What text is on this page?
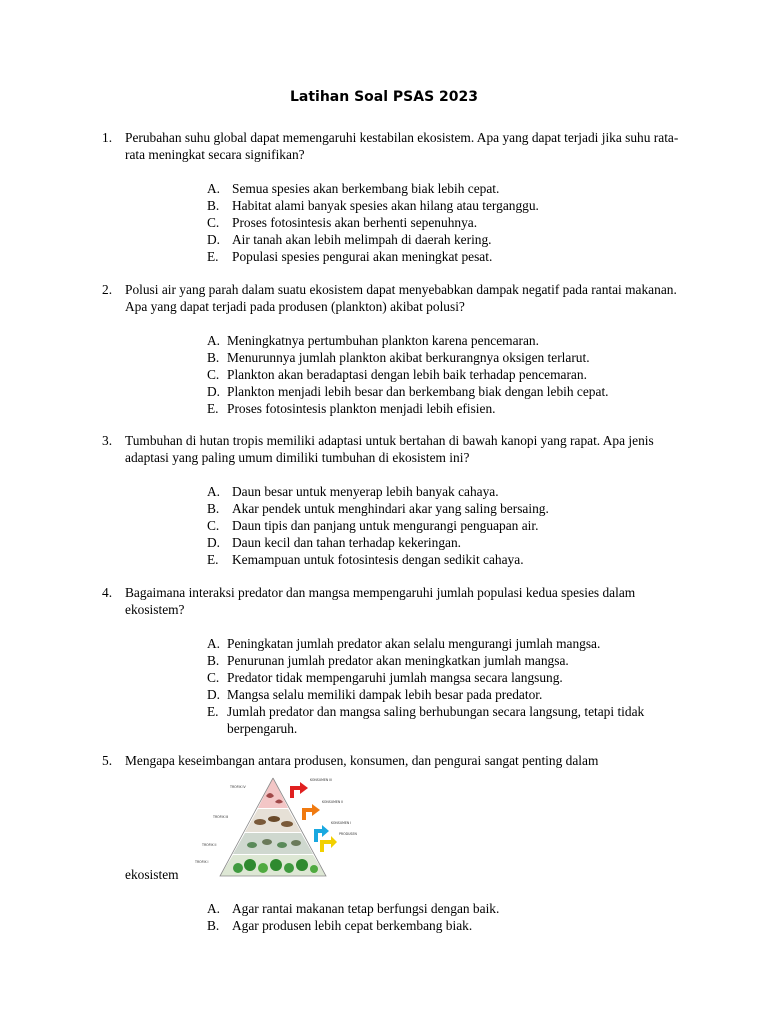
Latihan Soal PSAS 2023
1. Perubahan suhu global dapat memengaruhi kestabilan ekosistem. Apa yang dapat terjadi jika suhu rata-rata meningkat secara signifikan?
A. Semua spesies akan berkembang biak lebih cepat.
B. Habitat alami banyak spesies akan hilang atau terganggu.
C. Proses fotosintesis akan berhenti sepenuhnya.
D. Air tanah akan lebih melimpah di daerah kering.
E. Populasi spesies pengurai akan meningkat pesat.
2. Polusi air yang parah dalam suatu ekosistem dapat menyebabkan dampak negatif pada rantai makanan. Apa yang dapat terjadi pada produsen (plankton) akibat polusi?
A. Meningkatnya pertumbuhan plankton karena pencemaran.
B. Menurunnya jumlah plankton akibat berkurangnya oksigen terlarut.
C. Plankton akan beradaptasi dengan lebih baik terhadap pencemaran.
D. Plankton menjadi lebih besar dan berkembang biak dengan lebih cepat.
E. Proses fotosintesis plankton menjadi lebih efisien.
3. Tumbuhan di hutan tropis memiliki adaptasi untuk bertahan di bawah kanopi yang rapat. Apa jenis adaptasi yang paling umum dimiliki tumbuhan di ekosistem ini?
A. Daun besar untuk menyerap lebih banyak cahaya.
B. Akar pendek untuk menghindari akar yang saling bersaing.
C. Daun tipis dan panjang untuk mengurangi penguapan air.
D. Daun kecil dan tahan terhadap kekeringan.
E. Kemampuan untuk fotosintesis dengan sedikit cahaya.
4. Bagaimana interaksi predator dan mangsa mempengaruhi jumlah populasi kedua spesies dalam ekosistem?
A. Peningkatan jumlah predator akan selalu mengurangi jumlah mangsa.
B. Penurunan jumlah predator akan meningkatkan jumlah mangsa.
C. Predator tidak mempengaruhi jumlah mangsa secara langsung.
D. Mangsa selalu memiliki dampak lebih besar pada predator.
E. Jumlah predator dan mangsa saling berhubungan secara langsung, tetapi tidak berpengaruh.
5. Mengapa keseimbangan antara produsen, konsumen, dan pengurai sangat penting dalam
TROFIK IV
TROFIK III
TROFIK II
TROFIK I
KONSUMEN III
KONSUMEN II
KONSUMEN I
PRODUSEN
ekosistem
A. Agar rantai makanan tetap berfungsi dengan baik.
B. Agar produsen lebih cepat berkembang biak.
